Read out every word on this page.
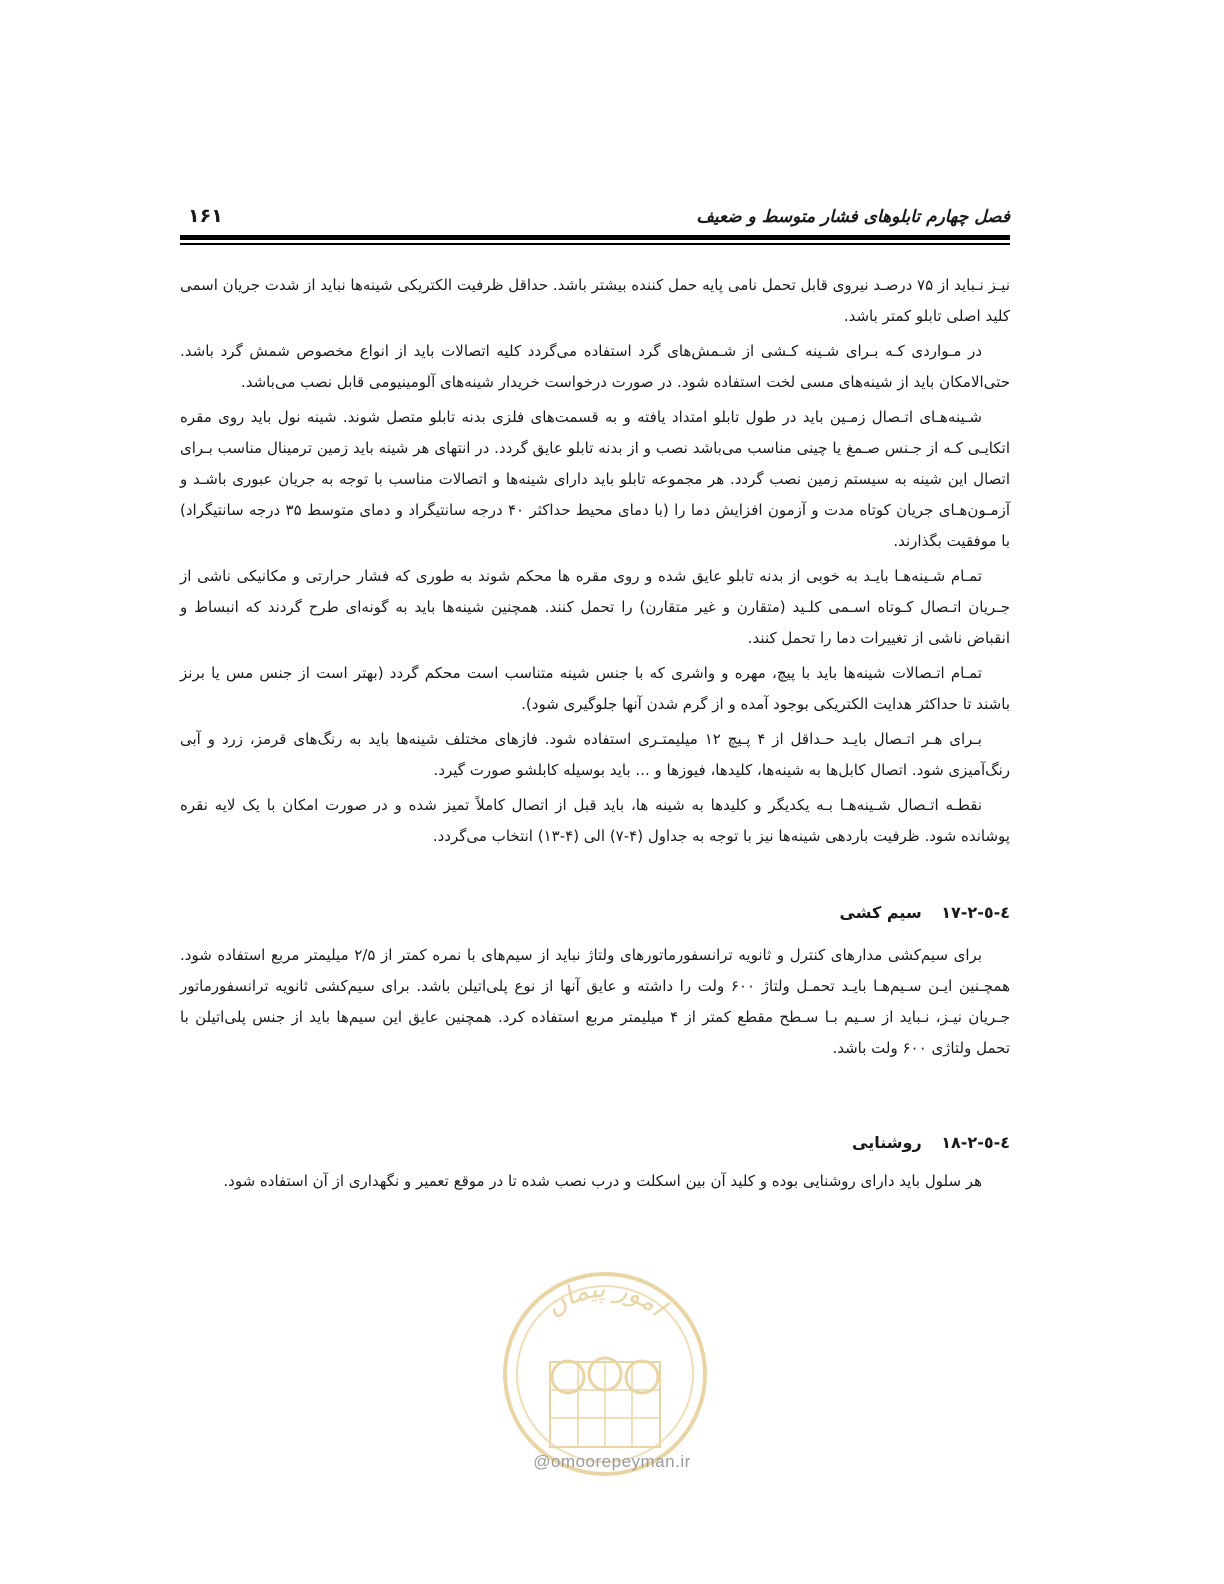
فصل چهارم تابلوهای فشار متوسط و ضعیف
۱۶۱

نیـز نـباید از ۷۵ درصـد نیروی قابل تحمل نامی پایه حمل کننده بیشتر باشد. حداقل ظرفیت الکتریکی شینه‌ها نباید از شدت جریان اسمی کلید اصلی تابلو کمتر باشد.

در مـواردی کـه بـرای شـینه کـشی از شـمش‌های گرد استفاده می‌گردد کلیه اتصالات باید از انواع مخصوص شمش گرد باشد. حتی‌الامکان باید از شینه‌های مسی لخت استفاده شود. در صورت درخواست خریدار شینه‌های آلومینیومی قابل نصب می‌باشد.

شـینه‌هـای اتـصال زمـین باید در طول تابلو امتداد یافته و به قسمت‌های فلزی بدنه تابلو متصل شوند. شینه نول باید روی مقره اتکایـی کـه از جـنس صـمغ یا چینی مناسب می‌باشد نصب و از بدنه تابلو عایق گردد. در انتهای هر شینه باید زمین ترمینال مناسب بـرای اتصال این شینه به سیستم زمین نصب گردد. هر مجموعه تابلو باید دارای شینه‌ها و اتصالات مناسب با توجه به جریان عبوری باشـد و آزمـون‌هـای جریان کوتاه مدت و آزمون افزایش دما را (با دمای محیط حداکثر ۴۰ درجه سانتیگراد و دمای متوسط ۳۵ درجه سانتیگراد) با موفقیت بگذارند.

تمـام شـینه‌هـا بایـد به خوبی از بدنه تابلو عایق شده و روی مقره ها محکم شوند به طوری که فشار حرارتی و مکانیکی ناشی از جـریان اتـصال کـوتاه اسـمی کلـید (متقارن و غیر متقارن) را تحمل کنند. همچنین شینه‌ها باید به گونه‌ای طرح گردند که انبساط و انقباض ناشی از تغییرات دما را تحمل کنند.

تمـام اتـصالات شینه‌ها باید با پیچ، مهره و واشری که با جنس شینه متناسب است محکم گردد (بهتر است از جنس مس یا برنز باشند تا حداکثر هدایت الکتریکی بوجود آمده و از گرم شدن آنها جلوگیری شود).

بـرای هـر اتـصال بایـد حـداقل از ۴ پـیچ ۱۲ میلیمتـری استفاده شود. فازهای مختلف شینه‌ها باید به رنگ‌های قرمز، زرد و آبی رنگ‌آمیزی شود. اتصال کابل‌ها به شینه‌ها، کلیدها، فیوزها و ... باید بوسیله کابلشو صورت گیرد.

نقطـه اتـصال شـینه‌هـا بـه یکدیگر و کلیدها به شینه ها، باید قبل از اتصال کاملاً تمیز شده و در صورت امکان با یک لایه نقره پوشانده شود. ظرفیت باردهی شینه‌ها نیز با توجه به جداول (۴-۷) الی (۴-۱۳) انتخاب می‌گردد.

٤-٥-٢-١٧ سیم کشی

برای سیم‌کشی مدارهای کنترل و ثانویه ترانسفورماتورهای ولتاژ نباید از سیم‌های با نمره کمتر از ۲/۵ میلیمتر مربع استفاده شود. همچـنین ایـن سـیم‌هـا بایـد تحمـل ولتاژ ۶۰۰ ولت را داشته و عایق آنها از نوع پلی‌اتیلن باشد. برای سیم‌کشی ثانویه ترانسفورماتور جـریان نیـز، نـباید از سـیم بـا سـطح مقطع کمتر از ۴ میلیمتر مربع استفاده کرد. همچنین عایق این سیم‌ها باید از جنس پلی‌اتیلن با تحمل ولتاژی ۶۰۰ ولت باشد.

٤-٥-٢-١٨ روشنایی

هر سلول باید دارای روشنایی بوده و کلید آن بین اسکلت و درب نصب شده تا در موقع تعمیر و نگهداری از آن استفاده شود.

امور پیمان
@omoorepeyman.ir
